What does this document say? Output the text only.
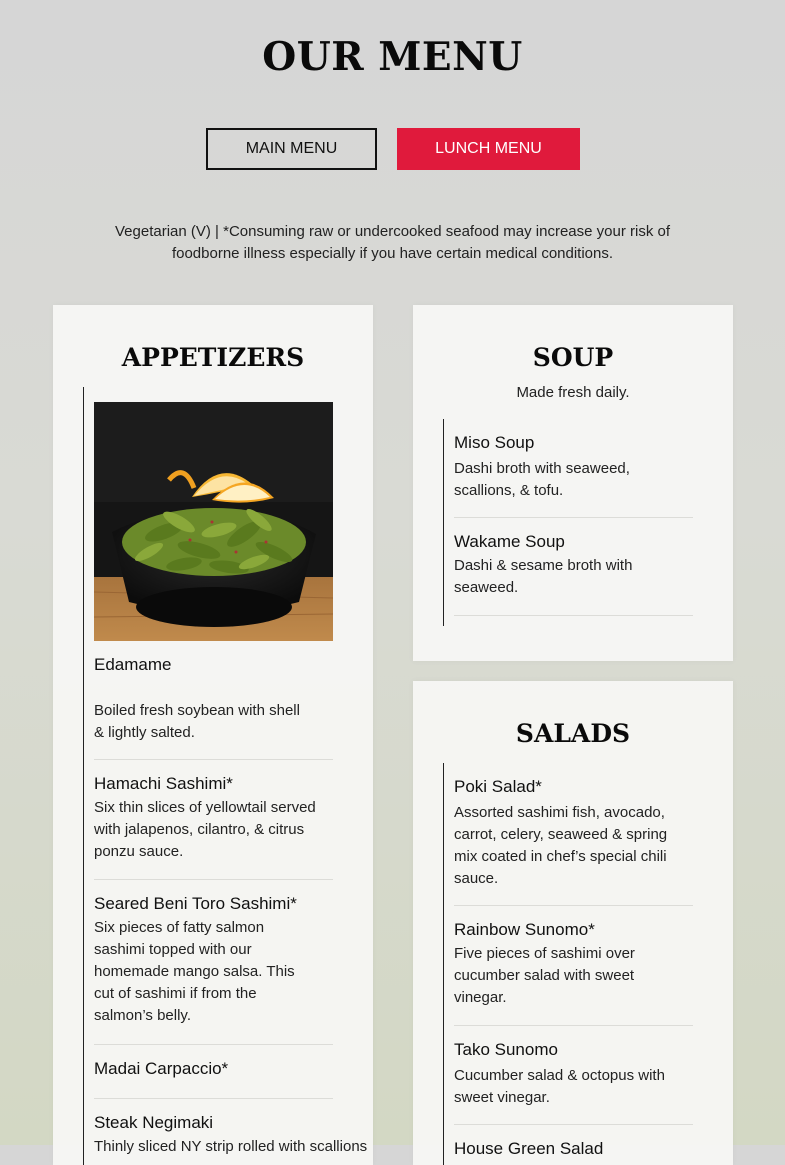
OUR MENU
MAIN MENU	LUNCH MENU
Vegetarian (V) | *Consuming raw or undercooked seafood may increase your risk of foodborne illness especially if you have certain medical conditions.
APPETIZERS
Edamame
Boiled fresh soybean with shell & lightly salted.
Hamachi Sashimi*
Six thin slices of yellowtail served with jalapenos, cilantro, & citrus ponzu sauce.
Seared Beni Toro Sashimi*
Six pieces of fatty salmon sashimi topped with our homemade mango salsa. This cut of sashimi if from the salmon’s belly.
Madai Carpaccio*
Steak Negimaki
Thinly sliced NY strip rolled with scallions
SOUP
Made fresh daily.
Miso Soup
Dashi broth with seaweed, scallions, & tofu.
Wakame Soup
Dashi & sesame broth with seaweed.
SALADS
Poki Salad*
Assorted sashimi fish, avocado, carrot, celery, seaweed & spring mix coated in chef’s special chili sauce.
Rainbow Sunomo*
Five pieces of sashimi over cucumber salad with sweet vinegar.
Tako Sunomo
Cucumber salad & octopus with sweet vinegar.
House Green Salad
